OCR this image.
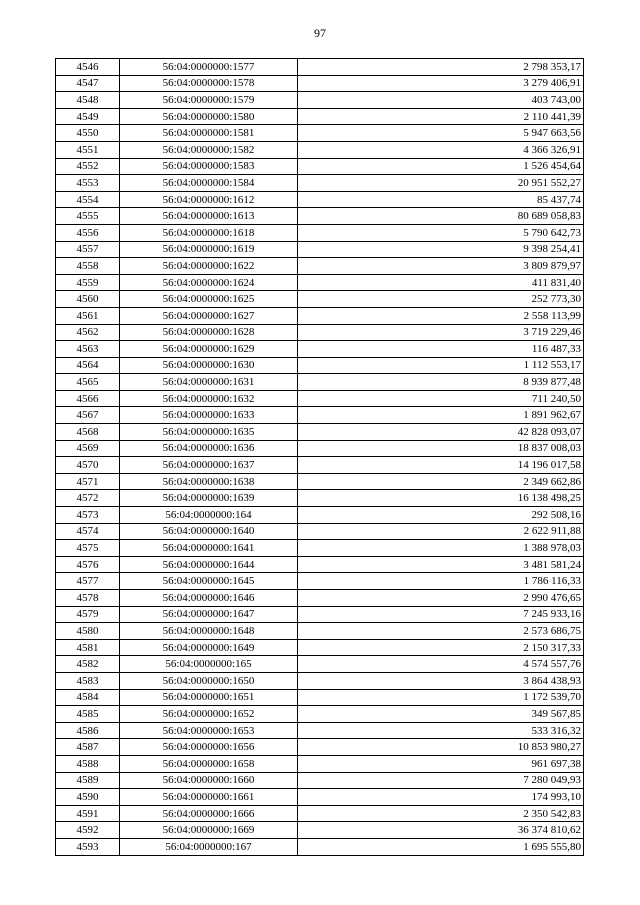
97
4546	56:04:0000000:1577	2 798 353,17
4547	56:04:0000000:1578	3 279 406,91
4548	56:04:0000000:1579	403 743,00
4549	56:04:0000000:1580	2 110 441,39
4550	56:04:0000000:1581	5 947 663,56
4551	56:04:0000000:1582	4 366 326,91
4552	56:04:0000000:1583	1 526 454,64
4553	56:04:0000000:1584	20 951 552,27
4554	56:04:0000000:1612	85 437,74
4555	56:04:0000000:1613	80 689 058,83
4556	56:04:0000000:1618	5 790 642,73
4557	56:04:0000000:1619	9 398 254,41
4558	56:04:0000000:1622	3 809 879,97
4559	56:04:0000000:1624	411 831,40
4560	56:04:0000000:1625	252 773,30
4561	56:04:0000000:1627	2 558 113,99
4562	56:04:0000000:1628	3 719 229,46
4563	56:04:0000000:1629	116 487,33
4564	56:04:0000000:1630	1 112 553,17
4565	56:04:0000000:1631	8 939 877,48
4566	56:04:0000000:1632	711 240,50
4567	56:04:0000000:1633	1 891 962,67
4568	56:04:0000000:1635	42 828 093,07
4569	56:04:0000000:1636	18 837 008,03
4570	56:04:0000000:1637	14 196 017,58
4571	56:04:0000000:1638	2 349 662,86
4572	56:04:0000000:1639	16 138 498,25
4573	56:04:0000000:164	292 508,16
4574	56:04:0000000:1640	2 622 911,88
4575	56:04:0000000:1641	1 388 978,03
4576	56:04:0000000:1644	3 481 581,24
4577	56:04:0000000:1645	1 786 116,33
4578	56:04:0000000:1646	2 990 476,65
4579	56:04:0000000:1647	7 245 933,16
4580	56:04:0000000:1648	2 573 686,75
4581	56:04:0000000:1649	2 150 317,33
4582	56:04:0000000:165	4 574 557,76
4583	56:04:0000000:1650	3 864 438,93
4584	56:04:0000000:1651	1 172 539,70
4585	56:04:0000000:1652	349 567,85
4586	56:04:0000000:1653	533 316,32
4587	56:04:0000000:1656	10 853 980,27
4588	56:04:0000000:1658	961 697,38
4589	56:04:0000000:1660	7 280 049,93
4590	56:04:0000000:1661	174 993,10
4591	56:04:0000000:1666	2 350 542,83
4592	56:04:0000000:1669	36 374 810,62
4593	56:04:0000000:167	1 695 555,80
